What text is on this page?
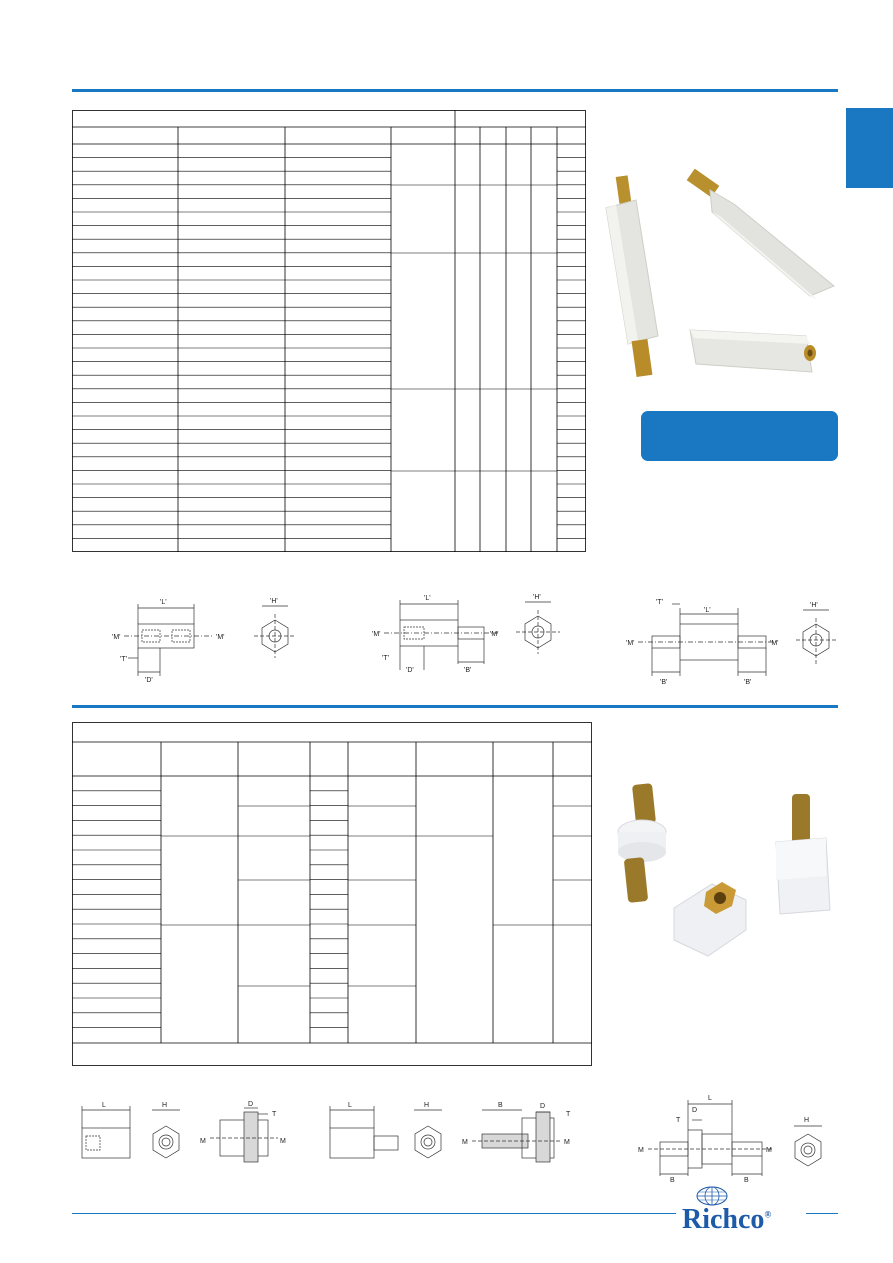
'L'
'M'	'M'
'T'
'D'
'H'	'L'
'M'	'M'
'T'
'D'	'B'
'H'
'T'
'L'
'M'	'M'
'B'	'B'
'H'
L	H
M	M
D
T
L	H	B
M	M
D
T
L
D
T	H
M	M
B	B
Richco®
